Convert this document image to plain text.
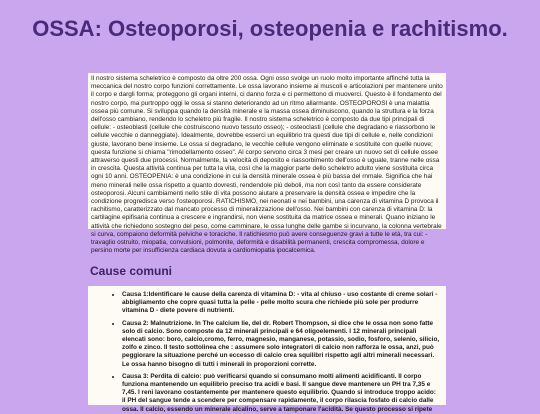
OSSA: Osteoporosi, osteopenia e rachitismo.

Il nostro sistema scheletrico è composto da oltre 200 ossa. Ogni osso svolge un ruolo molto importante affinché tutta la meccanica del nostro corpo funzioni correttamente. Le ossa lavorano insieme ai muscoli e articolazioni per mantenere unito il corpo e dargli forma; proteggono gli organi interni, ci danno forza e ci permettono di muoverci. Questo è il fondamento del nostro corpo, ma purtroppo oggi le ossa si stanno deteriorando ad un ritmo allarmante. OSTEOPOROSI è una malattia ossea più comune. Si sviluppa quando la densità minerale e la massa ossea diminuiscono, quando la struttura e la forza dell'osso cambiano, rendendo lo scheletro più fragile. Il nostro sistema scheletrico è composto da due tipi principali di cellule: - osteoblasti (cellule che costruiscono nuovo tessuto osseo); - osteoclasti (cellule che degradano e riassorbono le cellule vecchie o danneggiate). Idealmente, dovrebbe esserci un equilibrio tra questi due tipi di cellule e, nelle condizioni giuste, lavorano bene insieme. Le ossa si degradano, le vecchie cellule vengono eliminate e sostituite con quelle nuove; questa funzione si chiama "rimodellamento osseo". Al corpo servono circa 3 mesi per creare un nuovo set di cellule ossee attraverso questi due processi. Normalmente, la velocità di deposito e riassorbimento dell'osso è uguale, tranne nelle ossa in crescita. Questa attività continua per tutta la vita, così che la maggior parte dello scheletro adulto viene sostituita circa ogni 10 anni. OSTEOPENIA: è una condizione in cui la densità minerale ossea è più bassa del rnmale. Significa che hai meno minerali nelle ossa rispetto a quanto dovresti, rendendole più deboli, ma non così tanto da essere considerate osteoporosi. Alcuni cambiamenti nello stile di vita possono aiutare a preservare la densità ossea e impedire che la condizione progredisca verso l'osteoporosi. RATICHISMO, nei neonati e nei bambini, una carenza di vitamina D provoca il rachitismo, caratterizzato dal mancato processo di mineralizzazione dell'osso. Nei bambini con carenza di vitamina D: la cartilagine epifisaria continua a crescere e ingrandirsi, non viene sostituita da matrice ossea e minerali. Quano iniziano le attività che richiedono sostegno del peso, come camminare, le ossa lunghe delle gambe si incurvano, la colonna vertebrale si curva, compaiono deformità pelviche e toraciche. Il ratichiesmo può avere conseguenze gravi a tutte le età, tra cui: - travaglio ostruito, miopatia, convulsioni, polmonite, deformità e disabilità permanenti, crescita compromessa, dolore e persino morte per insufficienza cardiaca dovuta a cardiomiopatia ipocalcemica.

Cause comuni
• Causa 1:Identificare le cause della carenza di vitamina D: - vita al chiuso - uso costante di creme solari - abbigliamento che copre quasi tutta la pelle - pelle molto scura che richiede più sole per produrre vitamina D - diete povere di nutrienti.
• Causa 2: Malnutrizione. In The calcium lie, del dr. Robert Thompson, si dice che le ossa non sono fatte solo di calcio. Sono composte da 12 minerali principali e 64 oligoelementi. I 12 minerali principali elencati sono: boro, calcio,cromo, ferro, magnesio, manganese, potassio, sodio, fosforo, selenio, silicio, zolfo e zinco. Il testo sottolinea che : assumere solo integratori di calcio non rafforza le ossa, anzi, può peggiorare la situazione perché un eccesso di calcio crea squilibri rispetto agli altri minerali necessari. Le ossa hanno bisogno di tutti i minerali in proporzioni corrette.
• Causa 3: Perdita di calcio: può verificarsi quando si consumano molti alimenti acidificanti. Il corpo funziona mantenendo un equilibrio preciso tra acidi e basi. Il sangue deve mantenere un PH tra 7,35 e 7,45. I reni lavorano costantemente per mantenere questo equilibrio. Quando si introduce troppo acido: il PH del sangue tende a scendere per compensare rapidamente, il corpo rilascia fosfato di calcio dalle ossa. Il calcio, essendo un minerale alcalino, serve a tamponare l'acidità. Se questo processo si ripete
